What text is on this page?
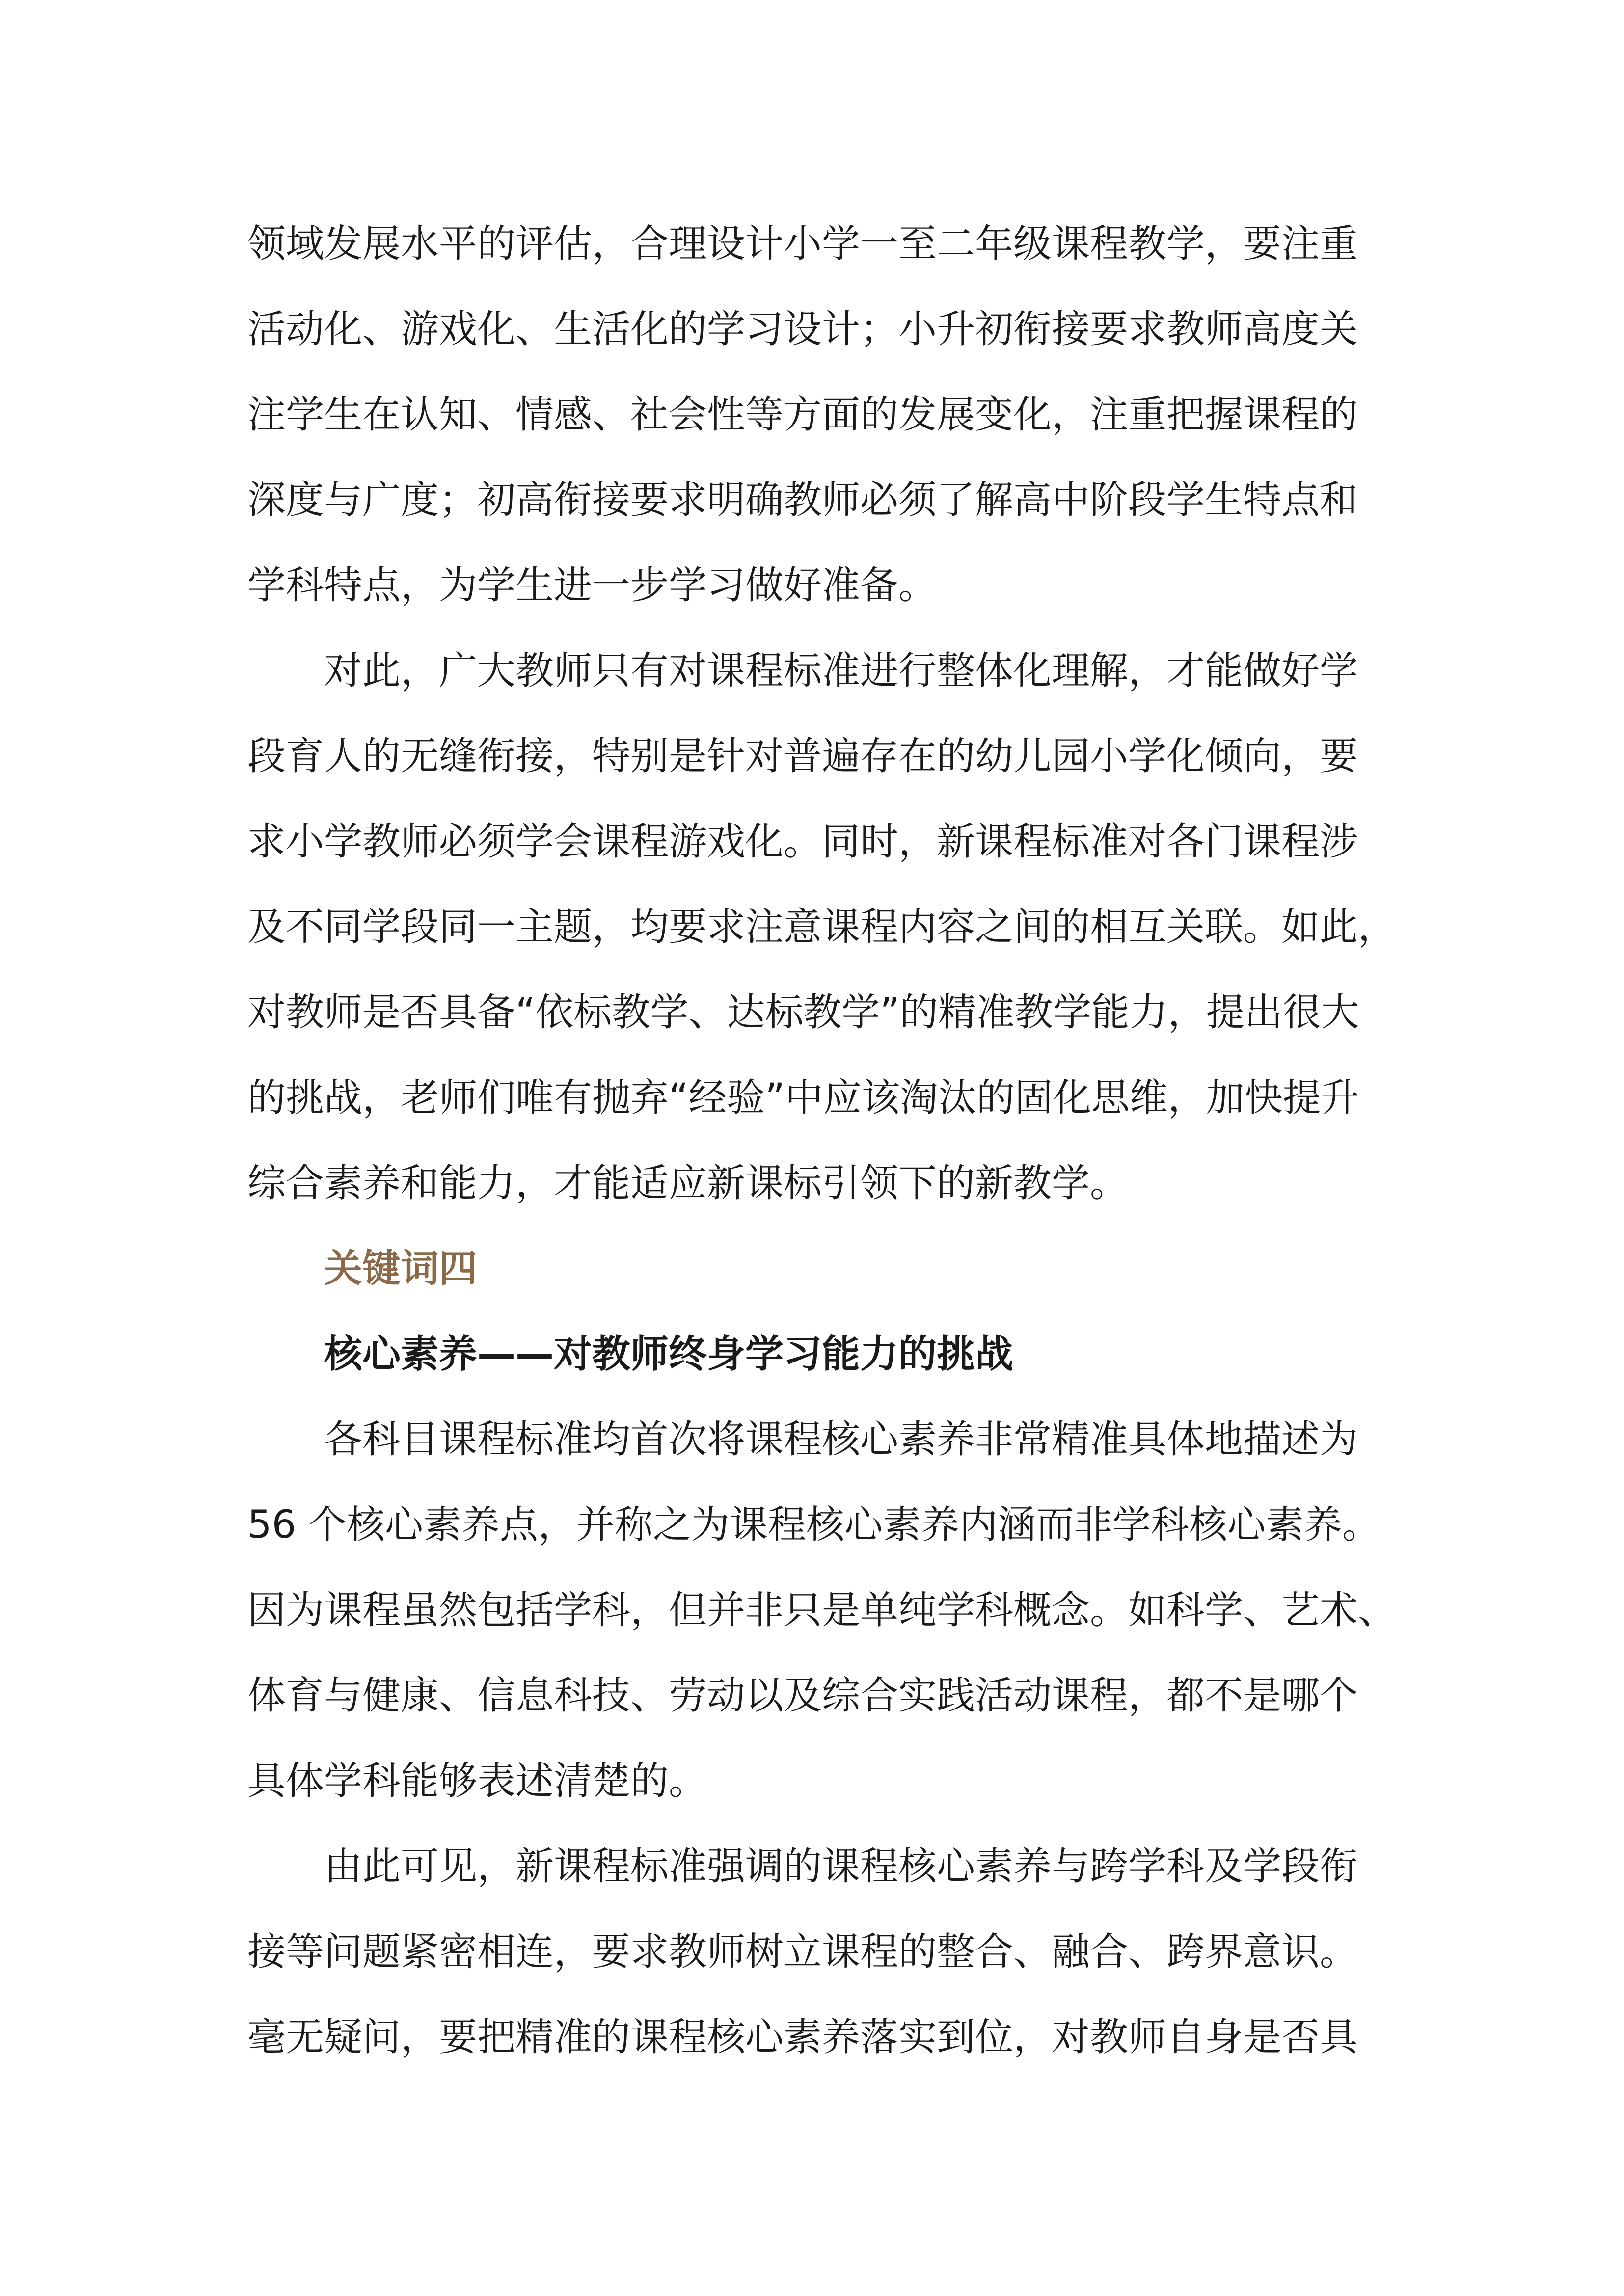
领域发展水平的评估，合理设计小学一至二年级课程教学，要注重
活动化、游戏化、生活化的学习设计；小升初衔接要求教师高度关
注学生在认知、情感、社会性等方面的发展变化，注重把握课程的
深度与广度；初高衔接要求明确教师必须了解高中阶段学生特点和
学科特点，为学生进一步学习做好准备。

对此，广大教师只有对课程标准进行整体化理解，才能做好学
段育人的无缝衔接，特别是针对普遍存在的幼儿园小学化倾向，要
求小学教师必须学会课程游戏化。同时，新课程标准对各门课程涉
及不同学段同一主题，均要求注意课程内容之间的相互关联。如此，
对教师是否具备“依标教学、达标教学”的精准教学能力，提出很大
的挑战，老师们唯有抛弃“经验”中应该淘汰的固化思维，加快提升
综合素养和能力，才能适应新课标引领下的新教学。

关键词四

核心素养——对教师终身学习能力的挑战

各科目课程标准均首次将课程核心素养非常精准具体地描述为
56 个核心素养点，并称之为课程核心素养内涵而非学科核心素养。
因为课程虽然包括学科，但并非只是单纯学科概念。如科学、艺术、
体育与健康、信息科技、劳动以及综合实践活动课程，都不是哪个
具体学科能够表述清楚的。

由此可见，新课程标准强调的课程核心素养与跨学科及学段衔
接等问题紧密相连，要求教师树立课程的整合、融合、跨界意识。
毫无疑问，要把精准的课程核心素养落实到位，对教师自身是否具
